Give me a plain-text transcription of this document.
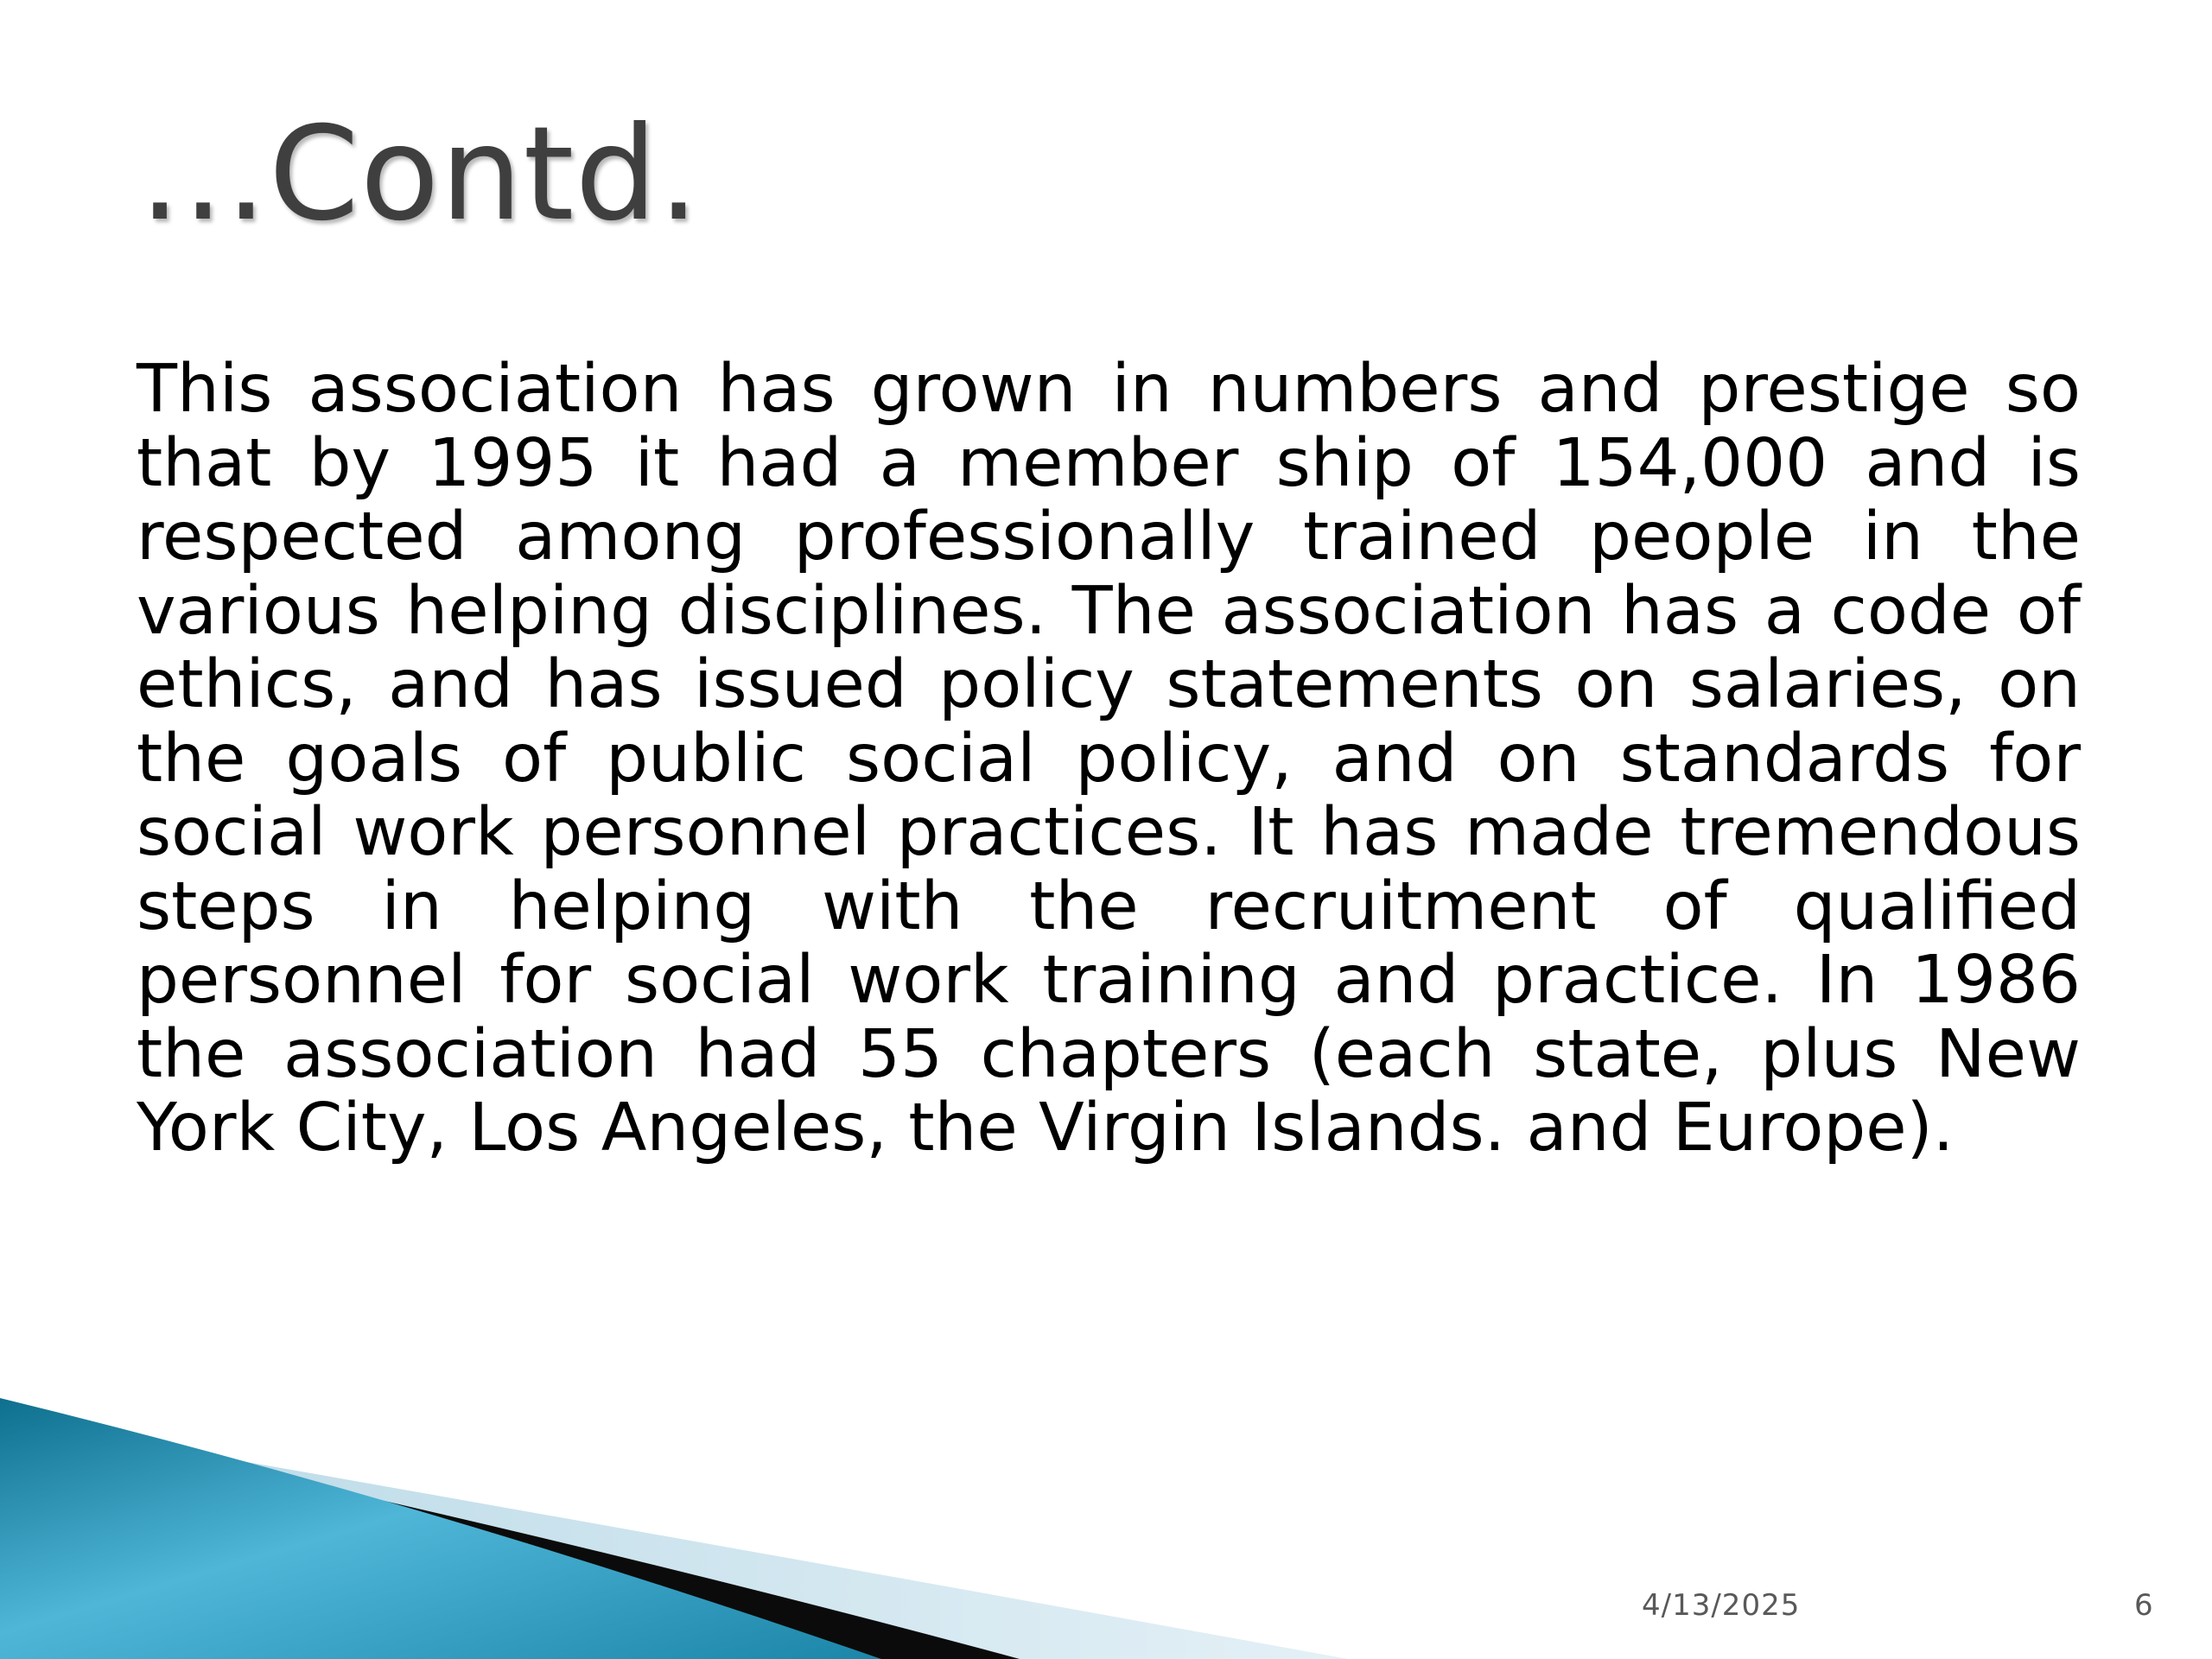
…Contd.

This association has grown in numbers and prestige so that by 1995 it had a member ship of 154,000 and is respected among professionally trained people in the various helping disciplines. The association has a code of ethics, and has issued policy statements on salaries, on the goals of public social policy, and on standards for social work personnel practices. It has made tremendous steps in helping with the recruitment of qualified personnel for social work training and practice. In 1986 the association had 55 chapters (each state, plus New York City, Los Angeles, the Virgin Islands. and Europe).

4/13/2025	6
